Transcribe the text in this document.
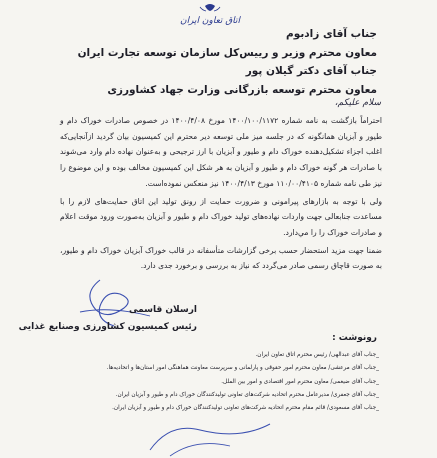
اتاق تعاون ایران
جناب آقای زادبوم
معاون محترم وزیر و رییس‌کل سازمان توسعه تجارت ایران
جناب آقای دکتر گیلان پور
معاون محترم توسعه بازرگانی وزارت جهاد کشاورزی
سلام علیکم،

احتراماً بازگشت به نامه شماره ۱۴۰۰/۱۰۰/۱۱۷۲ مورخ ۱۴۰۰/۴/۰۸ در خصوص صادرات خوراک دام و طیور و آبزیان همانگونه که در جلسه میز ملی توسعه دیر محترم این کمیسیون بیان گردید ازآنجایی‌که اغلب اجزاء تشکیل‌دهنده خوراک دام و طیور و آبزیان با ارز ترجیحی و به‌عنوان نهاده دام وارد می‌شوند با صادرات هر گونه خوراک دام و طیور و آبزیان به هر شکل این کمیسیون مخالف بوده و این موضوع را نیز طی نامه شماره ۱۱۰/۰۰/۴۱۰۵ مورخ ۱۴۰۰/۴/۱۳ نیز منعکس نموده‌است.

ولی با توجه به بازارهای پیرامونی و ضرورت حمایت از رونق تولید این اتاق حمایت‌های لازم را با مساعدت جنابعالی جهت واردات نهاده‌های تولید خوراک دام و طیور و آبزیان به‌صورت ورود موقت اعلام و صادرات خوراک را را مي‌دارد.

ضمنا جهت مزید استحضار حسب برخی گزارشات متأسفانه در قالب خوراک آبزیان خوراک دام و طیور، به صورت قاچاق رسمی صادر می‌گردد که نیاز به بررسی و برخورد جدی دارد.

ارسلان قاسمی
رئیس کمیسیون کشاورزی وصنایع غذایی
رونوشت :
_جناب آقای عبدالهی/ رئیس محترم اتاق تعاون ایران.
_جناب آقای مرعشی/ معاون محترم امور حقوقی و پارلمانی و سرپرست معاونت هماهنگی امور استان‌ها و اتحادیه‌ها.
_جناب آقای ضیغمی/ معاون محترم امور اقتصادی و امور بین الملل.
_جناب آقای جعفری/ مدیرعامل محترم اتحادیه شرکت‌های تعاونی تولیدکنندگان خوراک دام و طیور و آبزیان ایران.
_جناب آقای مسعودی/ قائم مقام محترم اتحادیه شرکت‌های تعاونی تولیدکنندگان خوراک دام و طیور و آبزیان ایران.
